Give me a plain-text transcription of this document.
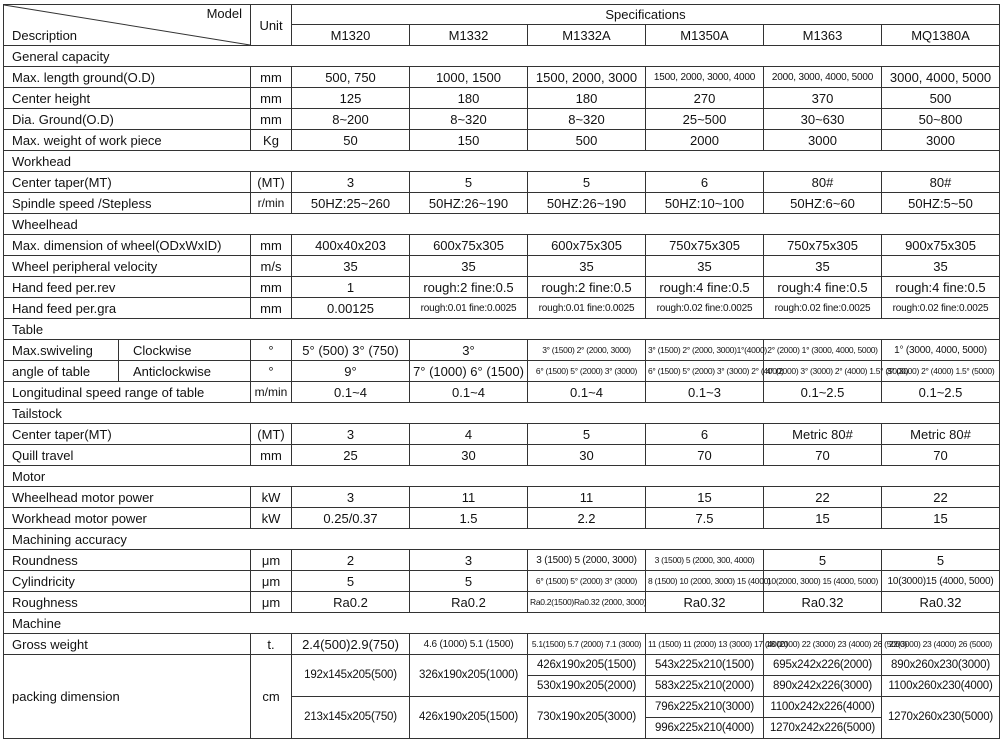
Model
Description		Unit	Specifications					
			M1320	M1332	M1332A	M1350A	M1363	MQ1380A
General capacity								
Max. length ground(O.D)		mm	500, 750	1000, 1500	1500, 2000, 3000	1500, 2000, 3000, 4000	2000, 3000, 4000, 5000	3000, 4000, 5000
Center height		mm	125	180	180	270	370	500
Dia. Ground(O.D)		mm	8~200	8~320	8~320	25~500	30~630	50~800
Max. weight of work piece		Kg	50	150	500	2000	3000	3000
Workhead								
Center taper(MT)		(MT)	3	5	5	6	80#	80#
Spindle speed /Stepless		r/min	50HZ:25~260	50HZ:26~190	50HZ:26~190	50HZ:10~100	50HZ:6~60	50HZ:5~50
Wheelhead								
Max. dimension of wheel(ODxWxID)		mm	400x40x203	600x75x305	600x75x305	750x75x305	750x75x305	900x75x305
Wheel peripheral velocity		m/s	35	35	35	35	35	35
Hand feed per.rev		mm	1	rough:2 fine:0.5	rough:2 fine:0.5	rough:4 fine:0.5	rough:4 fine:0.5	rough:4 fine:0.5
Hand feed per.gra		mm	0.00125	rough:0.01 fine:0.0025	rough:0.01 fine:0.0025	rough:0.02 fine:0.0025	rough:0.02 fine:0.0025	rough:0.02 fine:0.0025
Table								
Max.swiveling	Clockwise	°	5° (500) 3° (750)	3°	3° (1500) 2° (2000, 3000)	3° (1500) 2° (2000, 3000)1°(4000)	2° (2000) 1° (3000, 4000, 5000)	1° (3000, 4000, 5000)
angle of table	Anticlockwise	°	9°	7° (1000) 6° (1500)	6° (1500) 5° (2000) 3° (3000)	6° (1500) 5° (2000) 3° (3000) 2° (4000)	4° (2000) 3° (3000) 2° (4000) 1.5° (5000)	3° (3000) 2° (4000) 1.5° (5000)
Longitudinal speed range of table		m/min	0.1~4	0.1~4	0.1~4	0.1~3	0.1~2.5	0.1~2.5
Tailstock								
Center taper(MT)		(MT)	3	4	5	6	Metric 80#	Metric 80#
Quill travel		mm	25	30	30	70	70	70
Motor								
Wheelhead motor power		kW	3	11	11	15	22	22
Workhead motor power		kW	0.25/0.37	1.5	2.2	7.5	15	15
Machining accuracy								
Roundness		μm	2	3	3 (1500) 5 (2000, 3000)	3 (1500) 5 (2000, 300, 4000)	5	5
Cylindricity		μm	5	5	6° (1500) 5° (2000) 3° (3000)	8 (1500) 10 (2000, 3000) 15 (4000)	10(2000, 3000) 15 (4000, 5000)	10(3000)15 (4000, 5000)
Roughness		μm	Ra0.2	Ra0.2	Ra0.2(1500)Ra0.32 (2000, 3000)	Ra0.32	Ra0.32	Ra0.32
Machine								
Gross weight		t.	2.4(500)2.9(750)	4.6 (1000) 5.1 (1500)	5.1(1500) 5.7 (2000) 7.1 (3000)	11 (1500) 11 (2000) 13 (3000) 17 (4000)	18 (2000) 22 (3000) 23 (4000) 26 (5000)	22(3000) 23 (4000) 26 (5000)
packing dimension		cm	192x145x205(500)	326x190x205(1000)	426x190x205(1500)	543x225x210(1500)	695x242x226(2000)	890x260x230(3000)
					530x190x205(2000)	583x225x210(2000)	890x242x226(3000)	1100x260x230(4000)
			213x145x205(750)	426x190x205(1500)	730x190x205(3000)	796x225x210(3000)	1100x242x226(4000)	1270x260x230(5000)
						996x225x210(4000)	1270x242x226(5000)	
